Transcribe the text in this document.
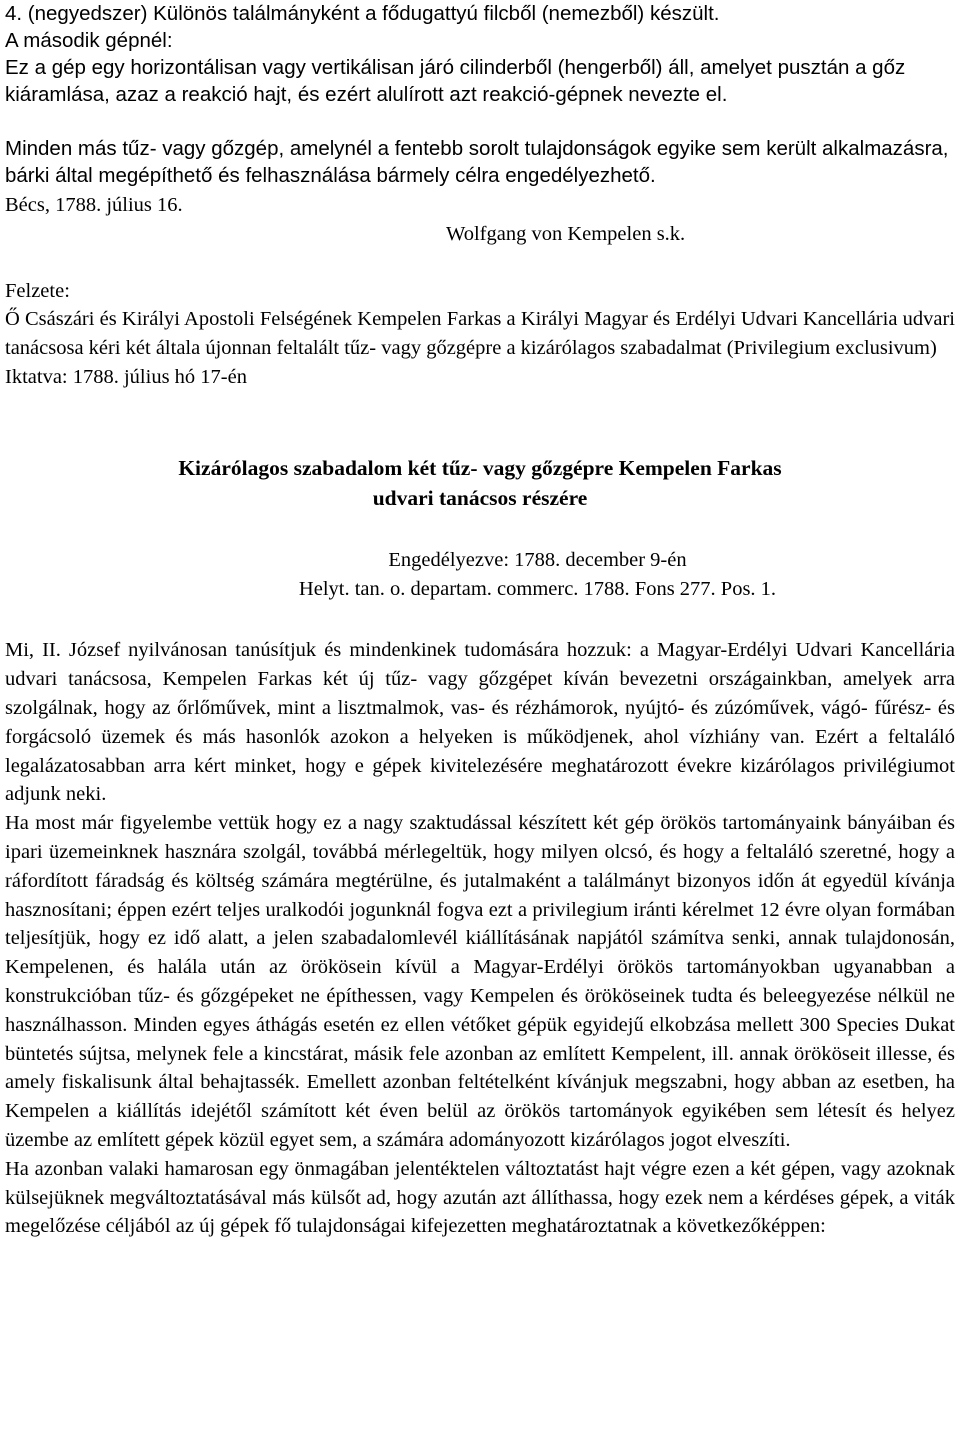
4. (negyedszer) Különös találmányként a fődugattyú filcből (nemezből) készült.

A második gépnél:

Ez a gép egy horizontálisan vagy vertikálisan járó cilinderből (hengerből) áll, amelyet pusztán a gőz kiáramlása, azaz a reakció hajt, és ezért alulírott azt reakció-gépnek nevezte el.

Minden más tűz- vagy gőzgép, amelynél a fentebb sorolt tulajdonságok egyike sem került alkalmazásra, bárki által megépíthető és felhasználása bármely célra engedélyezhető.

Bécs, 1788. július 16.

Wolfgang von Kempelen s.k.

Felzete:

Ő Császári és Királyi Apostoli Felségének Kempelen Farkas a Királyi Magyar és Erdélyi Udvari Kancellária udvari tanácsosa kéri két általa újonnan feltalált tűz- vagy gőzgépre a kizárólagos szabadalmat (Privilegium exclusivum)

Iktatva: 1788. július hó 17-én

Kizárólagos szabadalom két tűz- vagy gőzgépre Kempelen Farkas
udvari tanácsos részére
Engedélyezve: 1788. december 9-én
Helyt. tan. o. departam. commerc. 1788. Fons 277. Pos. 1.

Mi, II. József nyilvánosan tanúsítjuk és mindenkinek tudomására hozzuk: a Magyar-Erdélyi Udvari Kancellária udvari tanácsosa, Kempelen Farkas két új tűz- vagy gőzgépet kíván bevezetni országainkban, amelyek arra szolgálnak, hogy az őrlőművek, mint a lisztmalmok, vas- és rézhámorok, nyújtó- és zúzóművek, vágó- fűrész- és forgácsoló üzemek és más hasonlók azokon a helyeken is működjenek, ahol vízhiány van. Ezért a feltaláló legalázatosabban arra kért minket, hogy e gépek kivitelezésére meghatározott évekre kizárólagos privilégiumot adjunk neki.

Ha most már figyelembe vettük hogy ez a nagy szaktudással készített két gép örökös tartományaink bányáiban és ipari üzemeinknek hasznára szolgál, továbbá mérlegeltük, hogy milyen olcsó, és hogy a feltaláló szeretné, hogy a ráfordított fáradság és költség számára megtérülne, és jutalmaként a találmányt bizonyos időn át egyedül kívánja hasznosítani; éppen ezért teljes uralkodói jogunknál fogva ezt a privilegium iránti kérelmet 12 évre olyan formában teljesítjük, hogy ez idő alatt, a jelen szabadalomlevél kiállításának napjától számítva senki, annak tulajdonosán, Kempelenen, és halála után az örökösein kívül a Magyar-Erdélyi örökös tartományokban ugyanabban a konstrukcióban tűz- és gőzgépeket ne építhessen, vagy Kempelen és örököseinek tudta és beleegyezése nélkül ne használhasson. Minden egyes áthágás esetén ez ellen vétőket gépük egyidejű elkobzása mellett 300 Species Dukat büntetés sújtsa, melynek fele a kincstárat, másik fele azonban az említett Kempelent, ill. annak örököseit illesse, és amely fiskalisunk által behajtassék. Emellett azonban feltételként kívánjuk megszabni, hogy abban az esetben, ha Kempelen a kiállítás idejétől számított két éven belül az örökös tartományok egyikében sem létesít és helyez üzembe az említett gépek közül egyet sem, a számára adományozott kizárólagos jogot elveszíti.

Ha azonban valaki hamarosan egy önmagában jelentéktelen változtatást hajt végre ezen a két gépen, vagy azoknak külsejüknek megváltoztatásával más külsőt ad, hogy azután azt állíthassa, hogy ezek nem a kérdéses gépek, a viták megelőzése céljából az új gépek fő tulajdonságai kifejezetten meghatároztatnak a következőképpen:
